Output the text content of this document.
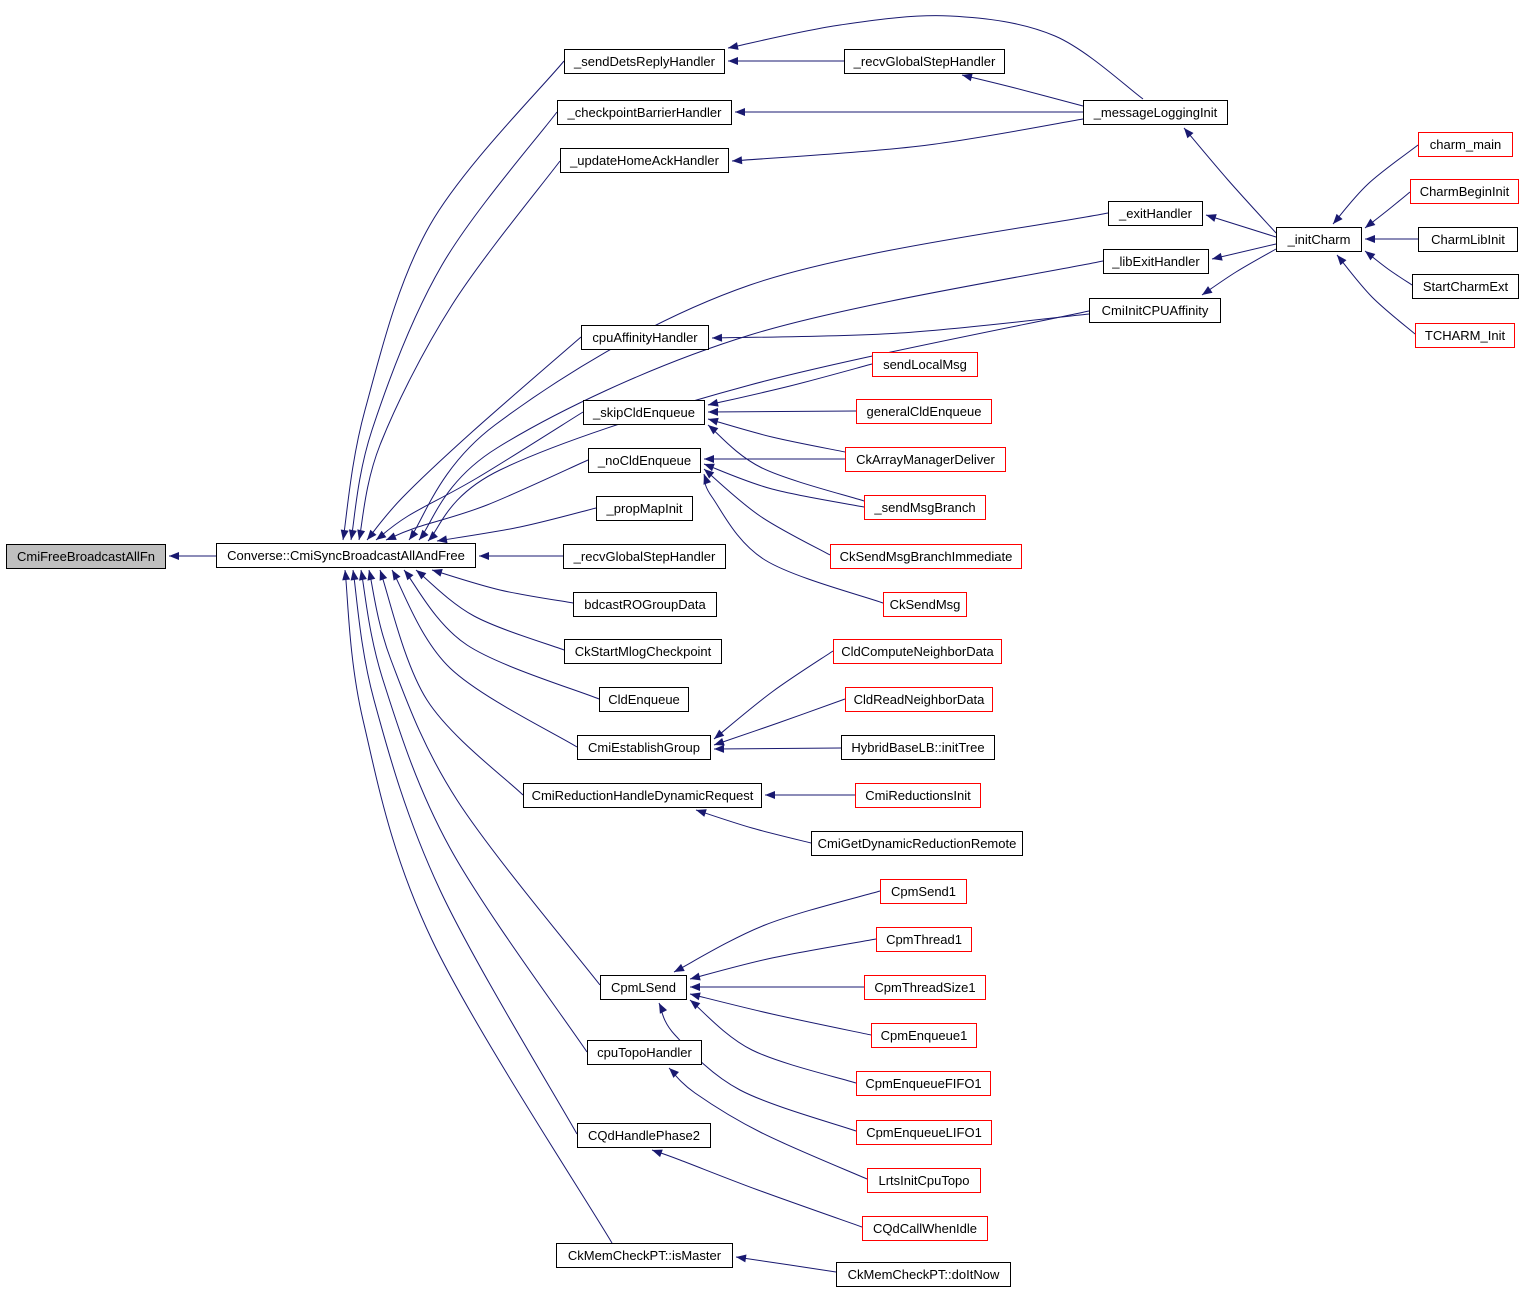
CmiFreeBroadcastAllFn	Converse::CmiSyncBroadcastAllAndFree
_sendDetsReplyHandler
_checkpointBarrierHandler
_updateHomeAckHandler
cpuAffinityHandler
_skipCldEnqueue
_noCldEnqueue
_propMapInit
_recvGlobalStepHandler
bdcastROGroupData
CkStartMlogCheckpoint
CldEnqueue
CmiEstablishGroup
CmiReductionHandleDynamicRequest
CpmLSend
cpuTopoHandler
CQdHandlePhase2
CkMemCheckPT::isMaster
_recvGlobalStepHandler
sendLocalMsg
generalCldEnqueue
CkArrayManagerDeliver
_sendMsgBranch
CkSendMsgBranchImmediate
CkSendMsg
CldComputeNeighborData
CldReadNeighborData
HybridBaseLB::initTree
CmiReductionsInit
CmiGetDynamicReductionRemote
CpmSend1
CpmThread1
CpmThreadSize1
CpmEnqueue1
CpmEnqueueFIFO1
CpmEnqueueLIFO1
LrtsInitCpuTopo
CQdCallWhenIdle
CkMemCheckPT::doItNow
_messageLoggingInit
_exitHandler
_libExitHandler
CmiInitCPUAffinity
_initCharm
charm_main
CharmBeginInit
CharmLibInit
StartCharmExt
TCHARM_Init
